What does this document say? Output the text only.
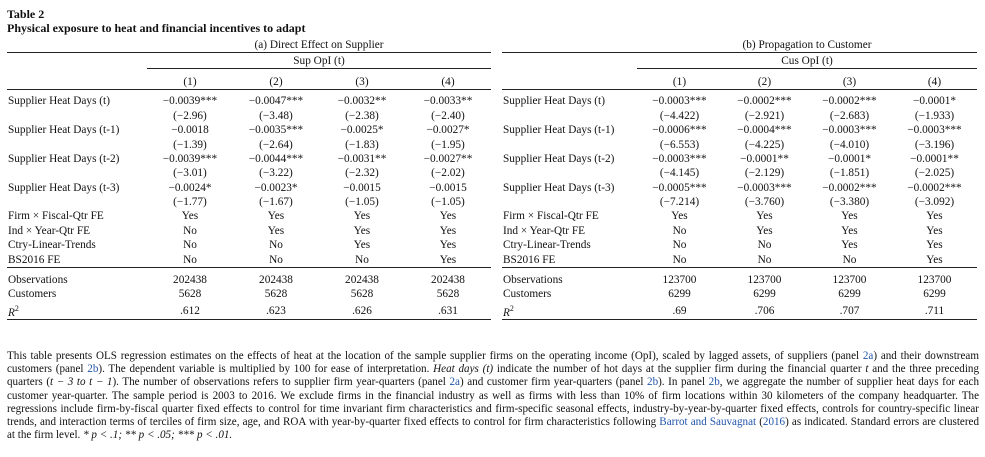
Table 2
Physical exposure to heat and financial incentives to adapt
	(a) Direct Effect on Supplier			
	Sup OpI (t)			

	(1)	(2)	(3)	(4)
Supplier Heat Days (t)	−0.0039***	−0.0047***	−0.0032**	−0.0033**
	(−2.96)	(−3.48)	(−2.38)	(−2.40)
Supplier Heat Days (t-1)	−0.0018	−0.0035***	−0.0025*	−0.0027*
	(−1.39)	(−2.64)	(−1.83)	(−1.95)
Supplier Heat Days (t-2)	−0.0039***	−0.0044***	−0.0031**	−0.0027**
	(−3.01)	(−3.22)	(−2.32)	(−2.02)
Supplier Heat Days (t-3)	−0.0024*	−0.0023*	−0.0015	−0.0015
	(−1.77)	(−1.67)	(−1.05)	(−1.05)
Firm × Fiscal-Qtr FE	Yes	Yes	Yes	Yes
Ind × Year-Qtr FE	No	Yes	Yes	Yes
Ctry-Linear-Trends	No	No	Yes	Yes
BS2016 FE	No	No	No	Yes
Observations	202438	202438	202438	202438
Customers	5628	5628	5628	5628
$R^2$	.612	.623	.626	.631
	(b) Propagation to Customer			
	Cus OpI (t)			

	(1)	(2)	(3)	(4)
Supplier Heat Days (t)	−0.0003***	−0.0002***	−0.0002***	−0.0001*
	(−4.422)	(−2.921)	(−2.683)	(−1.933)
Supplier Heat Days (t-1)	−0.0006***	−0.0004***	−0.0003***	−0.0003***
	(−6.553)	(−4.225)	(−4.010)	(−3.196)
Supplier Heat Days (t-2)	−0.0003***	−0.0001**	−0.0001*	−0.0001**
	(−4.145)	(−2.129)	(−1.851)	(−2.025)
Supplier Heat Days (t-3)	−0.0005***	−0.0003***	−0.0002***	−0.0002***
	(−7.214)	(−3.760)	(−3.380)	(−3.092)
Firm × Fiscal-Qtr FE	Yes	Yes	Yes	Yes
Ind × Year-Qtr FE	No	Yes	Yes	Yes
Ctry-Linear-Trends	No	No	Yes	Yes
BS2016 FE	No	No	No	Yes
Observations	123700	123700	123700	123700
Customers	6299	6299	6299	6299
$R^2$	.69	.706	.707	.711
This table presents OLS regression estimates on the effects of heat at the location of the sample supplier firms on the operating income (OpI), scaled by lagged assets, of suppliers (panel 2a) and their downstream customers (panel 2b). The dependent variable is multiplied by 100 for ease of interpretation. Heat days (t) indicate the number of hot days at the supplier firm during the financial quarter t and the three preceding quarters (t − 3 to t − 1). The number of observations refers to supplier firm year-quarters (panel 2a) and customer firm year-quarters (panel 2b). In panel 2b, we aggregate the number of supplier heat days for each customer year-quarter. The sample period is 2003 to 2016. We exclude firms in the financial industry as well as firms with less than 10% of firm locations within 30 kilometers of the company headquarter. The regressions include firm-by-fiscal quarter fixed effects to control for time invariant firm characteristics and firm-specific seasonal effects, industry-by-year-by-quarter fixed effects, controls for country-specific linear trends, and interaction terms of terciles of firm size, age, and ROA with year-by-quarter fixed effects to control for firm characteristics following Barrot and Sauvagnat (2016) as indicated. Standard errors are clustered at the firm level. * p < .1; ** p < .05; *** p < .01.
